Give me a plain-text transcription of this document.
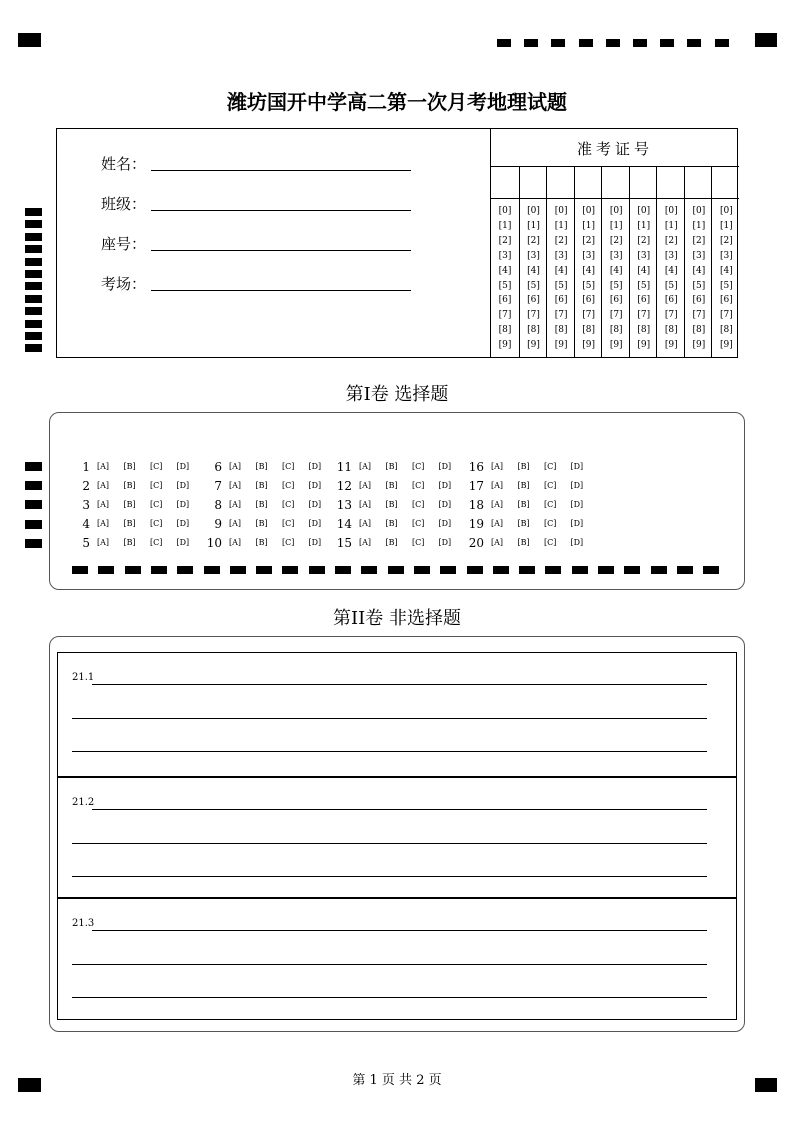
潍坊国开中学高二第一次月考地理试题
姓名：
班级：
座号：
考场：
准考证号
[0]
[1]
[2]
[3]
[4]
[5]
[6]
[7]
[8]
[9]
[0]
[1]
[2]
[3]
[4]
[5]
[6]
[7]
[8]
[9]
[0]
[1]
[2]
[3]
[4]
[5]
[6]
[7]
[8]
[9]
[0]
[1]
[2]
[3]
[4]
[5]
[6]
[7]
[8]
[9]
[0]
[1]
[2]
[3]
[4]
[5]
[6]
[7]
[8]
[9]
[0]
[1]
[2]
[3]
[4]
[5]
[6]
[7]
[8]
[9]
[0]
[1]
[2]
[3]
[4]
[5]
[6]
[7]
[8]
[9]
[0]
[1]
[2]
[3]
[4]
[5]
[6]
[7]
[8]
[9]
[0]
[1]
[2]
[3]
[4]
[5]
[6]
[7]
[8]
[9]
第I卷 选择题
1 [A] [B] [C] [D]
2 [A] [B] [C] [D]
3 [A] [B] [C] [D]
4 [A] [B] [C] [D]
5 [A] [B] [C] [D]
6 [A] [B] [C] [D]
7 [A] [B] [C] [D]
8 [A] [B] [C] [D]
9 [A] [B] [C] [D]
10 [A] [B] [C] [D]
11 [A] [B] [C] [D]
12 [A] [B] [C] [D]
13 [A] [B] [C] [D]
14 [A] [B] [C] [D]
15 [A] [B] [C] [D]
16 [A] [B] [C] [D]
17 [A] [B] [C] [D]
18 [A] [B] [C] [D]
19 [A] [B] [C] [D]
20 [A] [B] [C] [D]
第II卷 非选择题
21.1
21.2
21.3
第 1 页 共 2 页
